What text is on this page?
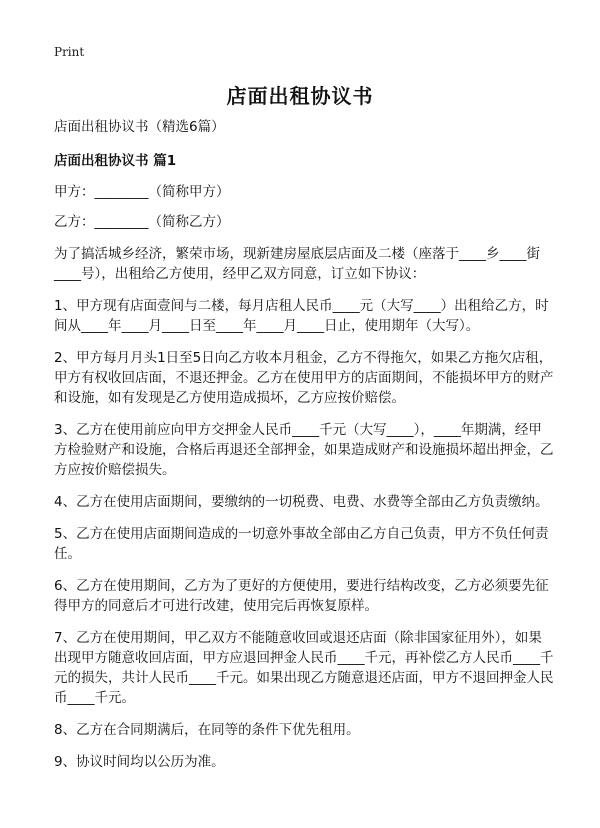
Print
店面出租协议书

店面出租协议书（精选6篇）

店面出租协议书 篇1

甲方：________（简称甲方）

乙方：________（简称乙方）

为了搞活城乡经济，繁荣市场，现新建房屋底层店面及二楼（座落于____乡____街____号），出租给乙方使用，经甲乙双方同意，订立如下协议：

1、甲方现有店面壹间与二楼，每月店租人民币____元（大写____）出租给乙方，时间从____年____月____日至____年____月____日止，使用期年（大写）。

2、甲方每月月头1日至5日向乙方收本月租金，乙方不得拖欠，如果乙方拖欠店租，甲方有权收回店面，不退还押金。乙方在使用甲方的店面期间，不能损坏甲方的财产和设施，如有发现是乙方使用造成损坏，乙方应按价赔偿。

3、乙方在使用前应向甲方交押金人民币____千元（大写____），____年期满，经甲方检验财产和设施，合格后再退还全部押金，如果造成财产和设施损坏超出押金，乙方应按价赔偿损失。

4、乙方在使用店面期间，要缴纳的一切税费、电费、水费等全部由乙方负责缴纳。

5、乙方在使用店面期间造成的一切意外事故全部由乙方自己负责，甲方不负任何责任。

6、乙方在使用期间，乙方为了更好的方便使用，要进行结构改变，乙方必须要先征得甲方的同意后才可进行改建，使用完后再恢复原样。

7、乙方在使用期间，甲乙双方不能随意收回或退还店面（除非国家征用外），如果出现甲方随意收回店面，甲方应退回押金人民币____千元，再补偿乙方人民币____千元的损失，共计人民币____千元。如果出现乙方随意退还店面，甲方不退回押金人民币____千元。

8、乙方在合同期满后，在同等的条件下优先租用。

9、协议时间均以公历为准。
